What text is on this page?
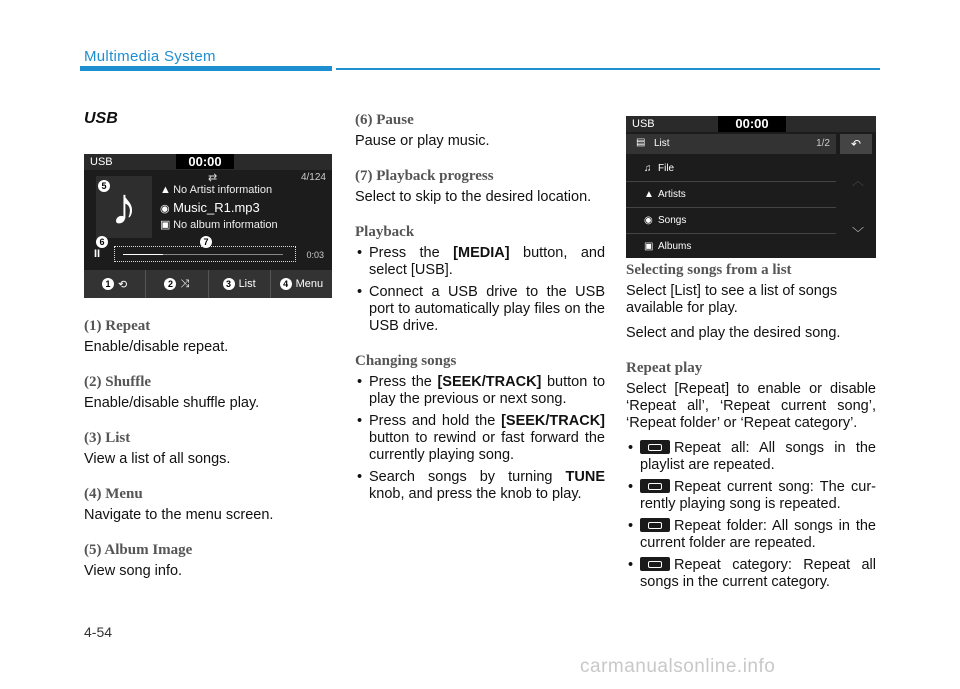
Multimedia System
USB
USB	00:00
⇄	4/124
♪	▲ No Artist information
◉ Music_R1.mp3
▣ No album information
II	0:03
1 ⟲	2 ⤨	3 List	4 Menu
5
6	7
(1) Repeat
Enable/disable repeat.
(2) Shuffle
Enable/disable shuffle play.
(3) List
View a list of all songs.
(4) Menu
Navigate to the menu screen.
(5) Album Image
View song info.
(6) Pause
Pause or play music.
(7) Playback progress
Select to skip to the desired location.
Playback
• Press the [MEDIA] button, and select [USB].
• Connect a USB drive to the USB port to automatically play files on the USB drive.
Changing songs
• Press the [SEEK/TRACK] button to play the previous or next song.
• Press and hold the [SEEK/TRACK] button to rewind or fast forward the currently playing song.
• Search songs by turning TUNE knob, and press the knob to play.
USB	00:00
▤ List	1/2	↶
♫ File
▲ Artists
◉ Songs
▣ Albums
︿
﹀
Selecting songs from a list
Select [List] to see a list of songs available for play.
Select and play the desired song.
Repeat play
Select [Repeat] to enable or disable ‘Repeat all’, ‘Repeat current song’, ‘Repeat folder’ or ‘Repeat category’.
• Repeat all: All songs in the playlist are repeated.
• Repeat current song: The cur-rently playing song is repeated.
• Repeat folder: All songs in the current folder are repeated.
• Repeat category: Repeat all songs in the current category.
4-54
carmanualsonline.info
